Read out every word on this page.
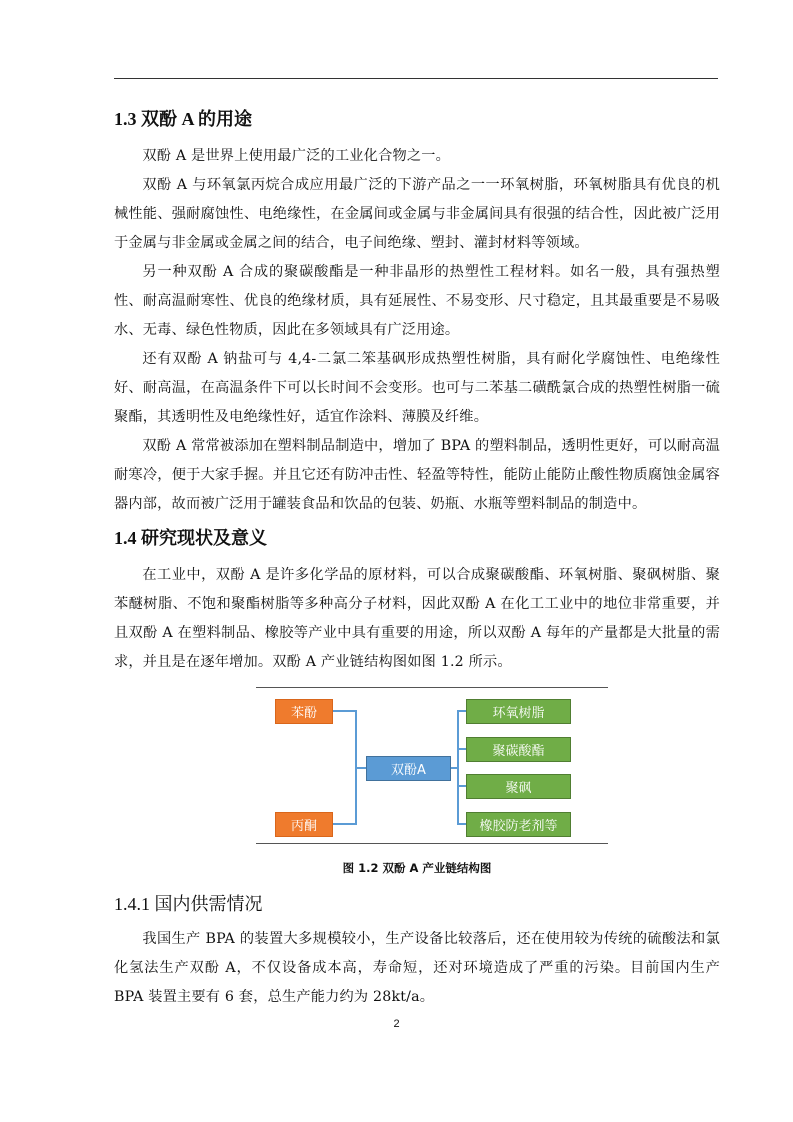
1.3 双酚 A 的用途

双酚 A 是世界上使用最广泛的工业化合物之一。

双酚 A 与环氧氯丙烷合成应用最广泛的下游产品之一一环氧树脂，环氧树脂具有优良的机械性能、强耐腐蚀性、电绝缘性，在金属间或金属与非金属间具有很强的结合性，因此被广泛用于金属与非金属或金属之间的结合，电子间绝缘、塑封、灌封材料等领域。

另一种双酚 A 合成的聚碳酸酯是一种非晶形的热塑性工程材料。如名一般，具有强热塑性、耐高温耐寒性、优良的绝缘材质，具有延展性、不易变形、尺寸稳定，且其最重要是不易吸水、无毒、绿色性物质，因此在多领域具有广泛用途。

还有双酚 A 钠盐可与 4,4-二氯二笨基砜形成热塑性树脂，具有耐化学腐蚀性、电绝缘性好、耐高温，在高温条件下可以长时间不会变形。也可与二苯基二磺酰氯合成的热塑性树脂一硫聚酯，其透明性及电绝缘性好，适宜作涂料、薄膜及纤维。

双酚 A 常常被添加在塑料制品制造中，增加了 BPA 的塑料制品，透明性更好，可以耐高温耐寒冷，便于大家手握。并且它还有防冲击性、轻盈等特性，能防止能防止酸性物质腐蚀金属容器内部，故而被广泛用于罐装食品和饮品的包装、奶瓶、水瓶等塑料制品的制造中。

1.4 研究现状及意义

在工业中，双酚 A 是许多化学品的原材料，可以合成聚碳酸酯、环氧树脂、聚砜树脂、聚苯醚树脂、不饱和聚酯树脂等多种高分子材料，因此双酚 A 在化工工业中的地位非常重要，并且双酚 A 在塑料制品、橡胶等产业中具有重要的用途，所以双酚 A 每年的产量都是大批量的需求，并且是在逐年增加。双酚 A 产业链结构图如图 1.2 所示。

苯酚
丙酮
双酚A
环氧树脂
聚碳酸酯
聚砜
橡胶防老剂等
图 1.2 双酚 A 产业链结构图
1.4.1 国内供需情况

我国生产 BPA 的装置大多规模较小，生产设备比较落后，还在使用较为传统的硫酸法和氯化氢法生产双酚 A，不仅设备成本高，寿命短，还对环境造成了严重的污染。目前国内生产 BPA 装置主要有 6 套，总生产能力约为 28kt/a。

2
